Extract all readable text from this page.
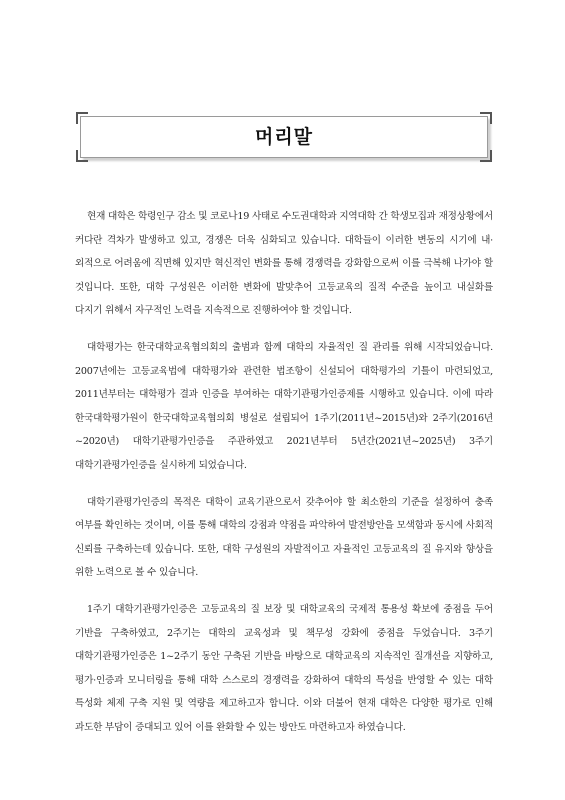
머리말

현재 대학은 학령인구 감소 및 코로나19 사태로 수도권대학과 지역대학 간 학생모집과 재정상황에서 커다란 격차가 발생하고 있고, 경쟁은 더욱 심화되고 있습니다. 대학들이 이러한 변동의 시기에 내·외적으로 어려움에 직면해 있지만 혁신적인 변화를 통해 경쟁력을 강화함으로써 이를 극복해 나가야 할 것입니다. 또한, 대학 구성원은 이러한 변화에 발맞추어 고등교육의 질적 수준을 높이고 내실화를 다지기 위해서 자구적인 노력을 지속적으로 진행하여야 할 것입니다.

대학평가는 한국대학교육협의회의 출범과 함께 대학의 자율적인 질 관리를 위해 시작되었습니다. 2007년에는 고등교육법에 대학평가와 관련한 법조항이 신설되어 대학평가의 기틀이 마련되었고, 2011년부터는 대학평가 결과 인증을 부여하는 대학기관평가인증제를 시행하고 있습니다. 이에 따라 한국대학평가원이 한국대학교육협의회 병설로 설립되어 1주기(2011년~2015년)와 2주기(2016년~2020년) 대학기관평가인증을 주관하였고 2021년부터 5년간(2021년~2025년) 3주기 대학기관평가인증을 실시하게 되었습니다.

대학기관평가인증의 목적은 대학이 교육기관으로서 갖추어야 할 최소한의 기준을 설정하여 충족 여부를 확인하는 것이며, 이를 통해 대학의 강점과 약점을 파악하여 발전방안을 모색함과 동시에 사회적 신뢰를 구축하는데 있습니다. 또한, 대학 구성원의 자발적이고 자율적인 고등교육의 질 유지와 향상을 위한 노력으로 볼 수 있습니다.

1주기 대학기관평가인증은 고등교육의 질 보장 및 대학교육의 국제적 통용성 확보에 중점을 두어 기반을 구축하였고, 2주기는 대학의 교육성과 및 책무성 강화에 중점을 두었습니다. 3주기 대학기관평가인증은 1~2주기 동안 구축된 기반을 바탕으로 대학교육의 지속적인 질개선을 지향하고, 평가·인증과 모니터링을 통해 대학 스스로의 경쟁력을 강화하여 대학의 특성을 반영할 수 있는 대학 특성화 체제 구축 지원 및 역량을 제고하고자 합니다. 이와 더불어 현재 대학은 다양한 평가로 인해 과도한 부담이 증대되고 있어 이를 완화할 수 있는 방안도 마련하고자 하였습니다.
